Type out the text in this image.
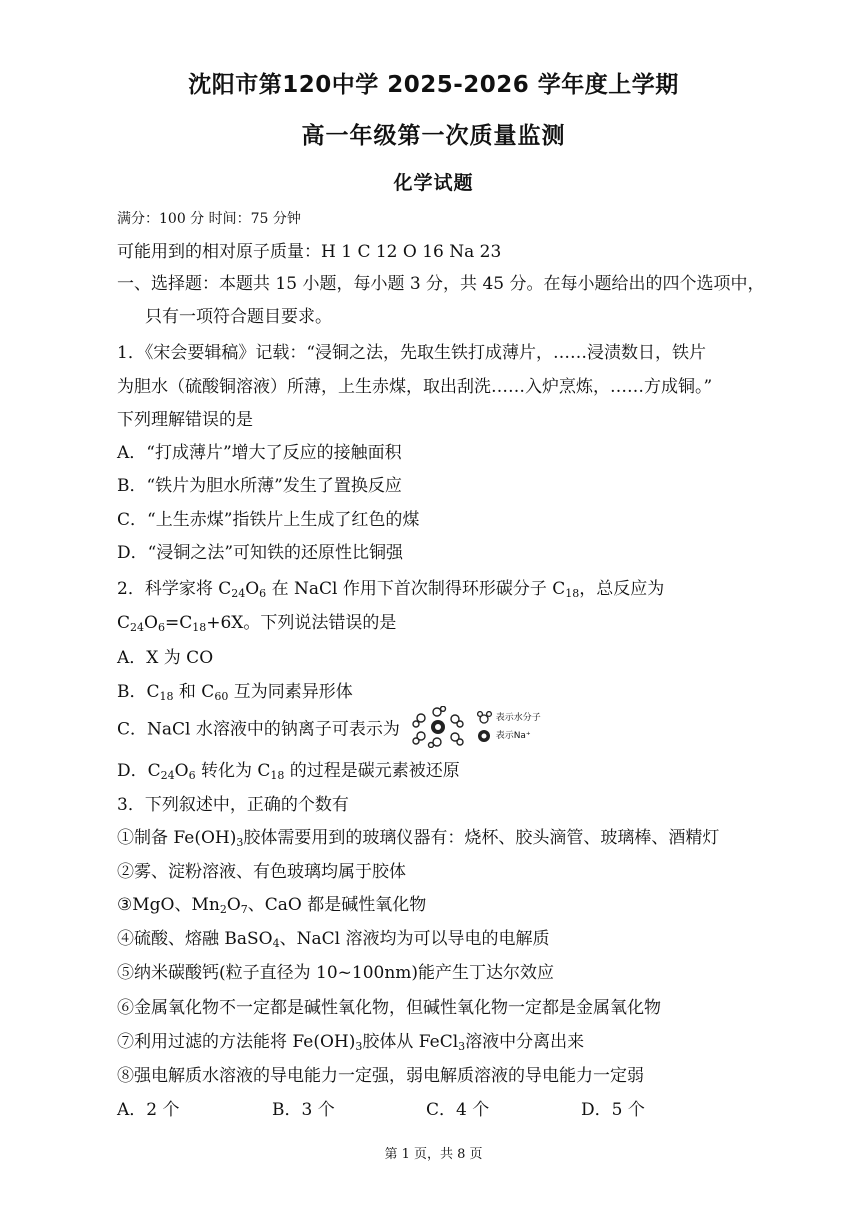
沈阳市第120中学 2025-2026 学年度上学期
高一年级第一次质量监测
化学试题
满分：100 分 时间：75 分钟
可能用到的相对原子质量：H 1 C 12 O 16 Na 23
一、选择题：本题共 15 小题，每小题 3 分，共 45 分。在每小题给出的四个选项中，
只有一项符合题目要求。
1．《宋会要辑稿》记载：“浸铜之法，先取生铁打成薄片，……浸渍数日，铁片
为胆水（硫酸铜溶液）所薄，上生赤煤，取出刮洗……入炉烹炼，……方成铜。”
下列理解错误的是
A．“打成薄片”增大了反应的接触面积
B．“铁片为胆水所薄”发生了置换反应
C．“上生赤煤”指铁片上生成了红色的煤
D．“浸铜之法”可知铁的还原性比铜强
2．科学家将 $C_{24}O_6$ 在 NaCl 作用下首次制得环形碳分子 $C_{18}$，总反应为
$C_{24}O_6=C_{18}+6X$。下列说法错误的是
A．X 为 CO
B．$C_{18}$ 和 $C_{60}$ 互为同素异形体
C．NaCl 水溶液中的钠离子可表示为
表示水分子
表示Na⁺
D．$C_{24}O_6$ 转化为 $C_{18}$ 的过程是碳元素被还原
3．下列叙述中，正确的个数有
①制备 $Fe(OH)_3$胶体需要用到的玻璃仪器有：烧杯、胶头滴管、玻璃棒、酒精灯
②雾、淀粉溶液、有色玻璃均属于胶体
③MgO、$Mn_2O_7$、CaO 都是碱性氧化物
④硫酸、熔融 BaSO$_4$、NaCl 溶液均为可以导电的电解质
⑤纳米碳酸钙(粒子直径为 10~100nm)能产生丁达尔效应
⑥金属氧化物不一定都是碱性氧化物，但碱性氧化物一定都是金属氧化物
⑦利用过滤的方法能将 $Fe(OH)_3$胶体从 FeCl$_3$溶液中分离出来
⑧强电解质水溶液的导电能力一定强，弱电解质溶液的导电能力一定弱
A．2 个	B．3 个	C．4 个	D．5 个
第 1 页，共 8 页
